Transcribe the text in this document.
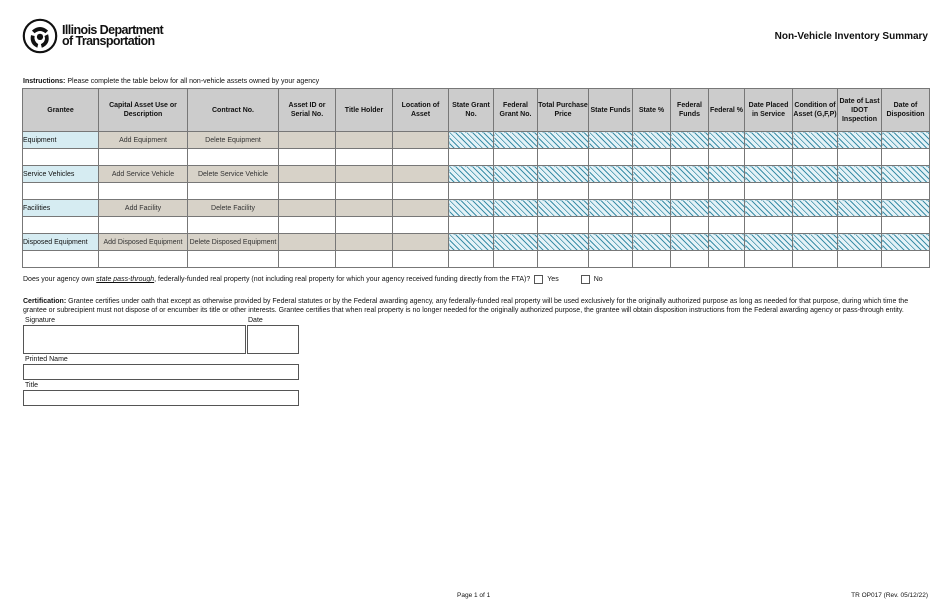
Illinois Department
of Transportation	Non-Vehicle Inventory Summary
Instructions: Please complete the table below for all non-vehicle assets owned by your agency
Grantee	Capital Asset Use or Description	Contract No.	Asset ID or Serial No.	Title Holder	Location of Asset	State Grant No.	Federal Grant No.	Total Purchase Price	State Funds	State %	Federal Funds	Federal %	Date Placed in Service	Condition of Asset (G,F,P)	Date of Last IDOT Inspection	Date of Disposition
Equipment	Add Equipment	Delete Equipment														

Service Vehicles	Add Service Vehicle	Delete Service Vehicle														

Facilities	Add Facility	Delete Facility														

Disposed Equipment	Add Disposed Equipment	Delete Disposed Equipment														

Does your agency own
state pass-through , federally-funded real property (not including real property for which your agency received funding directly from the FTA)? Yes	No
Certification: Grantee certifies under oath that except as otherwise provided by Federal statutes or by the Federal awarding agency, any federally-funded real property will be used exclusively for the originally authorized purpose as long as needed for that purpose, during which time the grantee or subrecipient must not dispose of or encumber its title or other interests. Grantee certifies that when real property is no longer needed for the originally authorized purpose, the grantee will obtain disposition instructions from the Federal awarding agency or pass-through entity.
Signature	Date
Printed Name
Title
Page 1 of 1	TR OP017 (Rev. 05/12/22)
